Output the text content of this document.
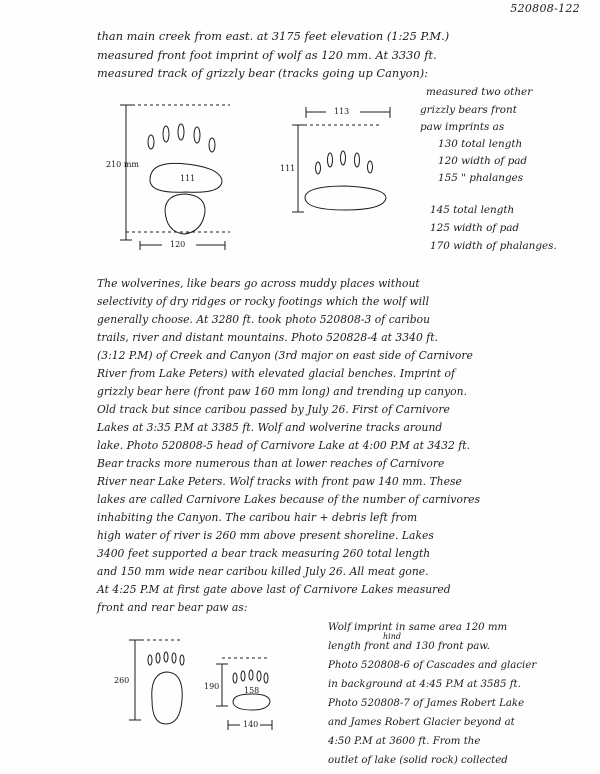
520808-122
than main creek from east. at 3175 feet elevation (1:25 P.M.)
measured front foot imprint of wolf as 120 mm. At 3330 ft.
measured track of grizzly bear (tracks going up Canyon):
210 mm
120
111
113
111
260
190	158
140
measured two other
grizzly bears front
paw imprints as
130 total length
120 width of pad
155 " phalanges
145 total length
125 width of pad
170 width of phalanges.
The wolverines, like bears go across muddy places without
selectivity of dry ridges or rocky footings which the wolf will
generally choose. At 3280 ft. took photo 520808-3 of caribou
trails, river and distant mountains. Photo 520828-4 at 3340 ft.
(3:12 P.M) of Creek and Canyon (3rd major on east side of Carnivore
River from Lake Peters) with elevated glacial benches. Imprint of
grizzly bear here (front paw 160 mm long) and trending up canyon.
Old track but since caribou passed by July 26. First of Carnivore
Lakes at 3:35 P.M at 3385 ft. Wolf and wolverine tracks around
lake. Photo 520808-5 head of Carnivore Lake at 4:00 P.M at 3432 ft.
Bear tracks more numerous than at lower reaches of Carnivore
River near Lake Peters. Wolf tracks with front paw 140 mm. These
lakes are called Carnivore Lakes because of the number of carnivores
inhabiting the Canyon. The caribou hair + debris left from
high water of river is 260 mm above present shoreline. Lakes
3400 feet supported a bear track measuring 260 total length
and 150 mm wide near caribou killed July 26. All meat gone.
At 4:25 P.M at first gate above last of Carnivore Lakes measured
front and rear bear paw as:
Wolf imprint in same area 120 mm
hind
length front and 130 front paw.
Photo 520808-6 of Cascades and glacier
in background at 4:45 P.M at 3585 ft.
Photo 520808-7 of James Robert Lake
and James Robert Glacier beyond at
4:50 P.M at 3600 ft. From the
outlet of lake (solid rock) collected
